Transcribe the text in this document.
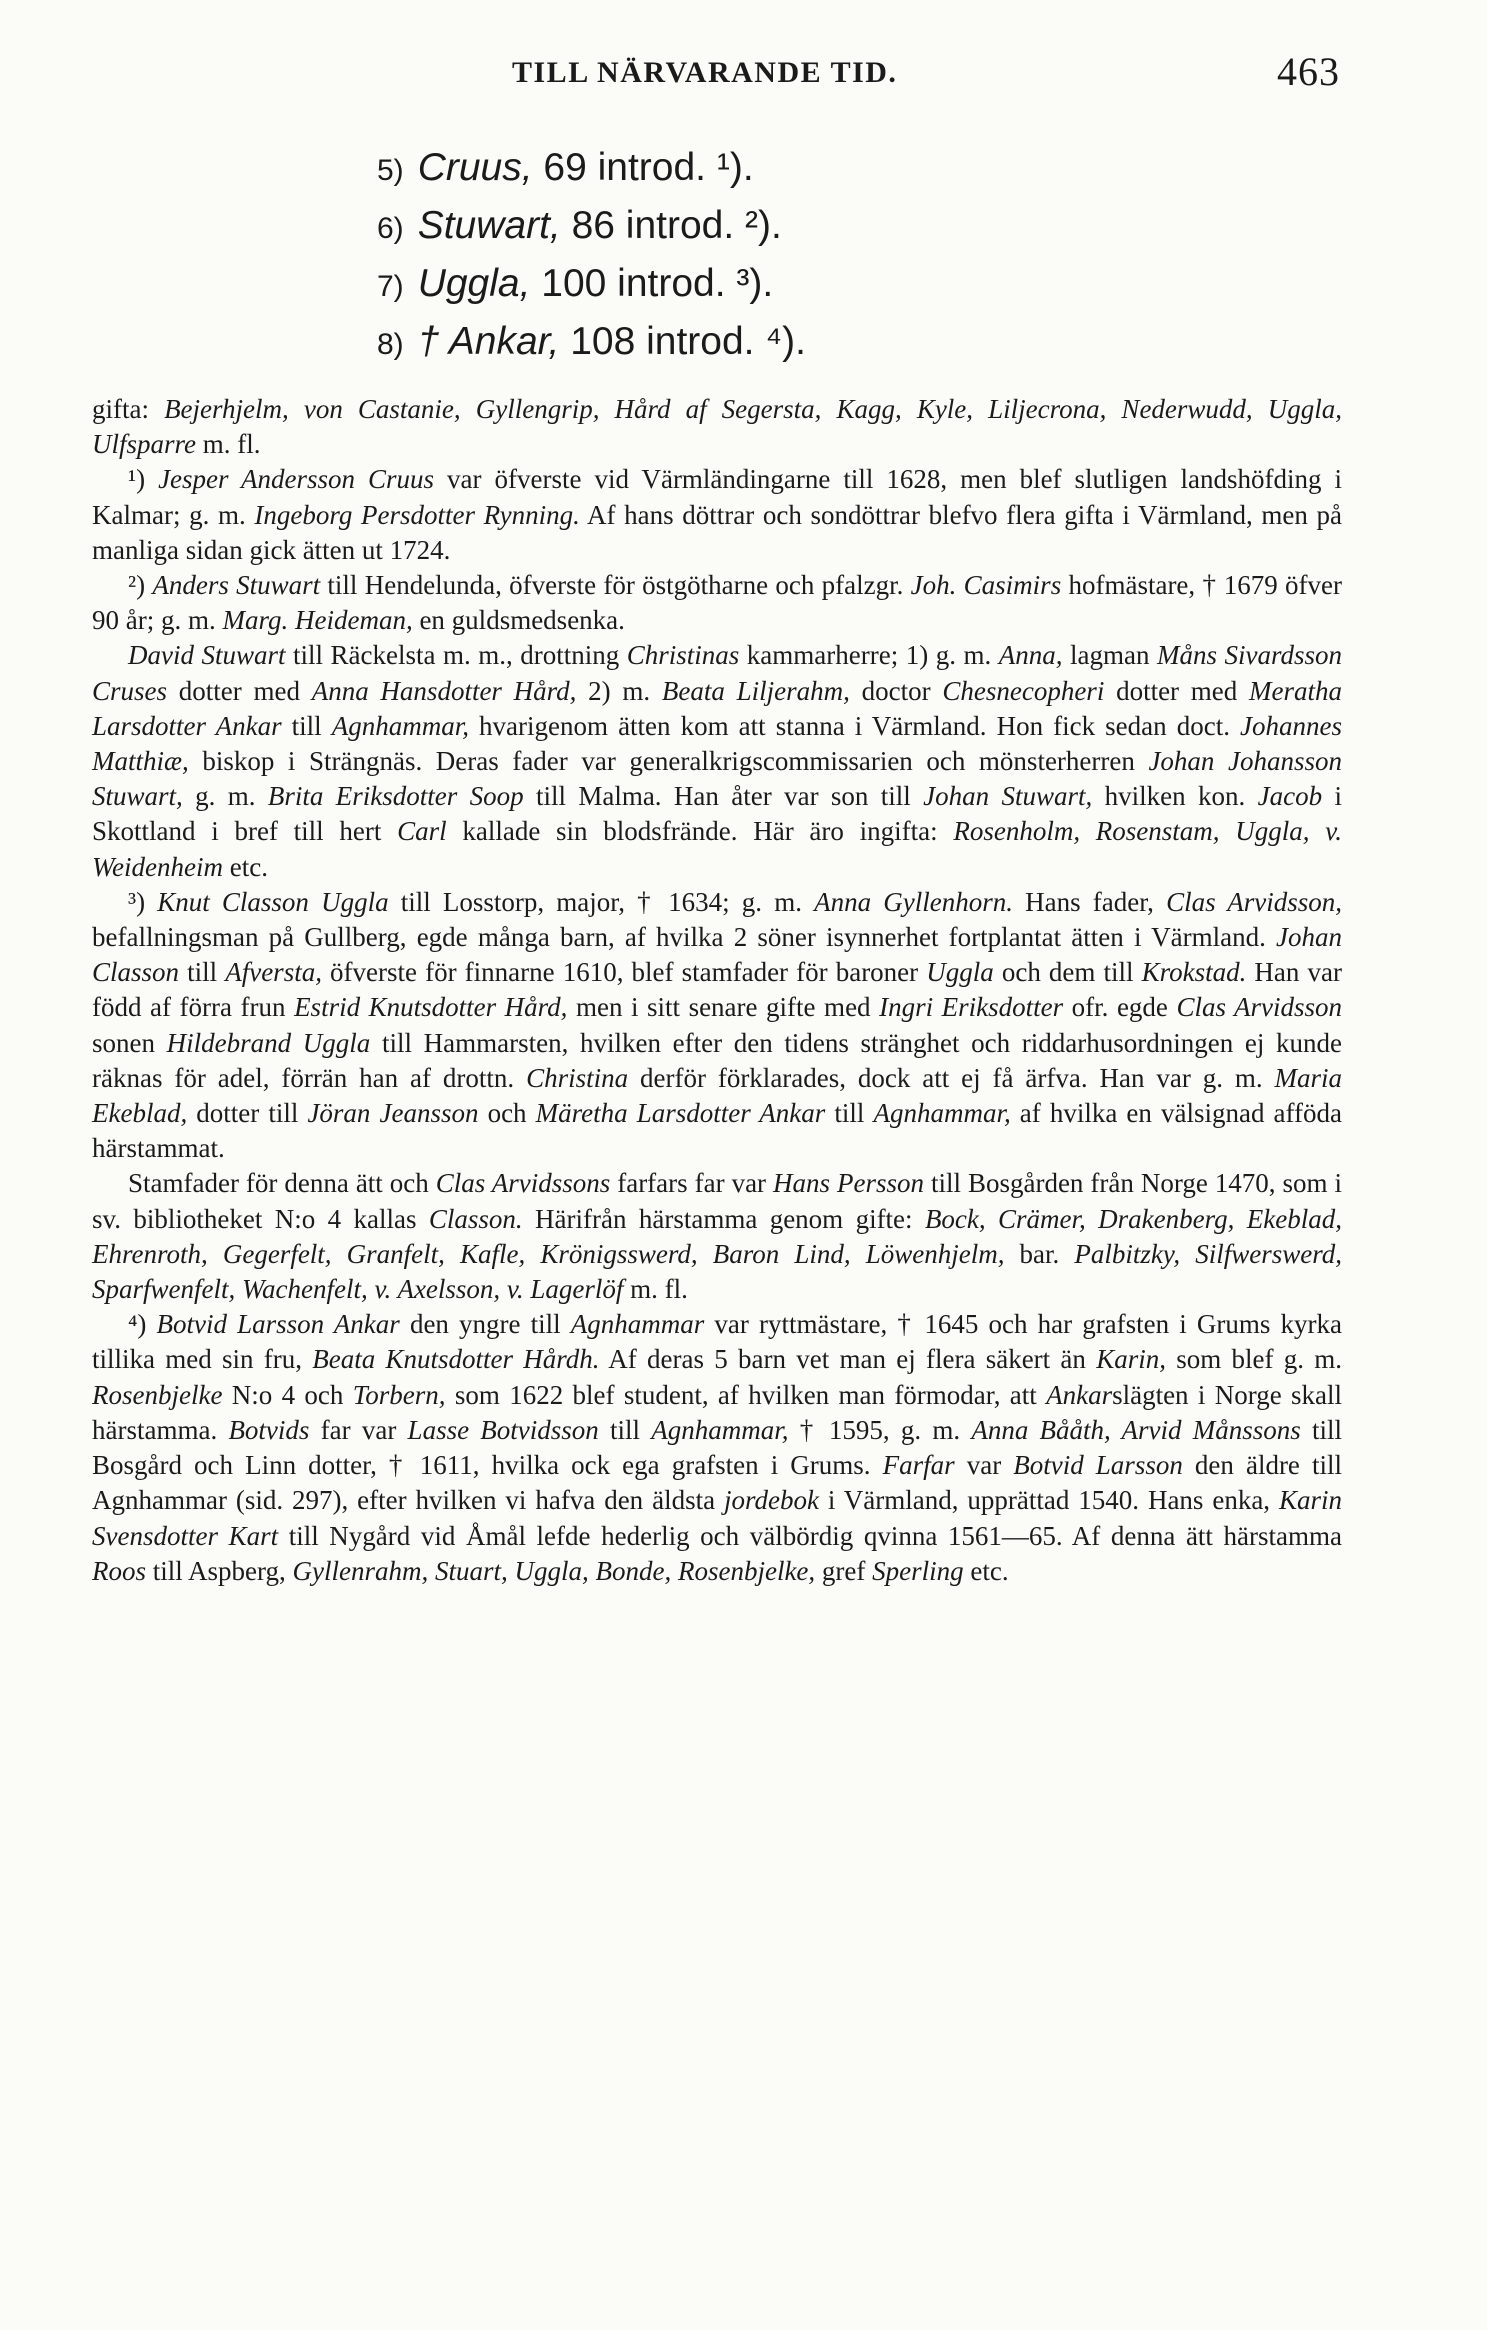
TILL NÄRVARANDE TID.	463
5) Cruus, 69 introd. ¹).
6) Stuwart, 86 introd. ²).
7) Uggla, 100 introd. ³).
8) † Ankar, 108 introd. ⁴).

gifta: Bejerhjelm, von Castanie, Gyllengrip, Hård af Segersta, Kagg, Kyle, Liljecrona, Nederwudd, Uggla, Ulfsparre m. fl.

¹) Jesper Andersson Cruus var öfverste vid Värmländingarne till 1628, men blef slutligen landshöfding i Kalmar; g. m. Ingeborg Persdotter Rynning. Af hans döttrar och sondöttrar blefvo flera gifta i Värmland, men på manliga sidan gick ätten ut 1724.

²) Anders Stuwart till Hendelunda, öfverste för östgötharne och pfalzgr. Joh. Casimirs hofmästare, † 1679 öfver 90 år; g. m. Marg. Heideman, en guldsmedsenka.

David Stuwart till Räckelsta m. m., drottning Christinas kammarherre; 1) g. m. Anna, lagman Måns Sivardsson Cruses dotter med Anna Hansdotter Hård, 2) m. Beata Liljerahm, doctor Chesnecopheri dotter med Meratha Larsdotter Ankar till Agnhammar, hvarigenom ätten kom att stanna i Värmland. Hon fick sedan doct. Johannes Matthiæ, biskop i Strängnäs. Deras fader var generalkrigscommissarien och mönsterherren Johan Johansson Stuwart, g. m. Brita Eriksdotter Soop till Malma. Han åter var son till Johan Stuwart, hvilken kon. Jacob i Skottland i bref till hert Carl kallade sin blodsfrände. Här äro ingifta: Rosenholm, Rosenstam, Uggla, v. Weidenheim etc.

³) Knut Classon Uggla till Losstorp, major, † 1634; g. m. Anna Gyllenhorn. Hans fader, Clas Arvidsson, befallningsman på Gullberg, egde många barn, af hvilka 2 söner isynnerhet fortplantat ätten i Värmland. Johan Classon till Afversta, öfverste för finnarne 1610, blef stamfader för baroner Uggla och dem till Krokstad. Han var född af förra frun Estrid Knutsdotter Hård, men i sitt senare gifte med Ingri Eriksdotter ofr. egde Clas Arvidsson sonen Hildebrand Uggla till Hammarsten, hvilken efter den tidens stränghet och riddarhusordningen ej kunde räknas för adel, förrän han af drottn. Christina derför förklarades, dock att ej få ärfva. Han var g. m. Maria Ekeblad, dotter till Jöran Jeansson och Märetha Larsdotter Ankar till Agnhammar, af hvilka en välsignad afföda härstammat.

Stamfader för denna ätt och Clas Arvidssons farfars far var Hans Persson till Bosgården från Norge 1470, som i sv. bibliotheket N:o 4 kallas Classon. Härifrån härstamma genom gifte: Bock, Crämer, Drakenberg, Ekeblad, Ehrenroth, Gegerfelt, Granfelt, Kafle, Krönigsswerd, Baron Lind, Löwenhjelm, bar. Palbitzky, Silfwerswerd, Sparfwenfelt, Wachenfelt, v. Axelsson, v. Lagerlöf m. fl.

⁴) Botvid Larsson Ankar den yngre till Agnhammar var ryttmästare, † 1645 och har grafsten i Grums kyrka tillika med sin fru, Beata Knutsdotter Hårdh. Af deras 5 barn vet man ej flera säkert än Karin, som blef g. m. Rosenbjelke N:o 4 och Torbern, som 1622 blef student, af hvilken man förmodar, att Ankarslägten i Norge skall härstamma. Botvids far var Lasse Botvidsson till Agnhammar, † 1595, g. m. Anna Bååth, Arvid Månssons till Bosgård och Linn dotter, † 1611, hvilka ock ega grafsten i Grums. Farfar var Botvid Larsson den äldre till Agnhammar (sid. 297), efter hvilken vi hafva den äldsta jordebok i Värmland, upprättad 1540. Hans enka, Karin Svensdotter Kart till Nygård vid Åmål lefde hederlig och välbördig qvinna 1561—65. Af denna ätt härstamma Roos till Aspberg, Gyllenrahm, Stuart, Uggla, Bonde, Rosenbjelke, gref Sperling etc.
